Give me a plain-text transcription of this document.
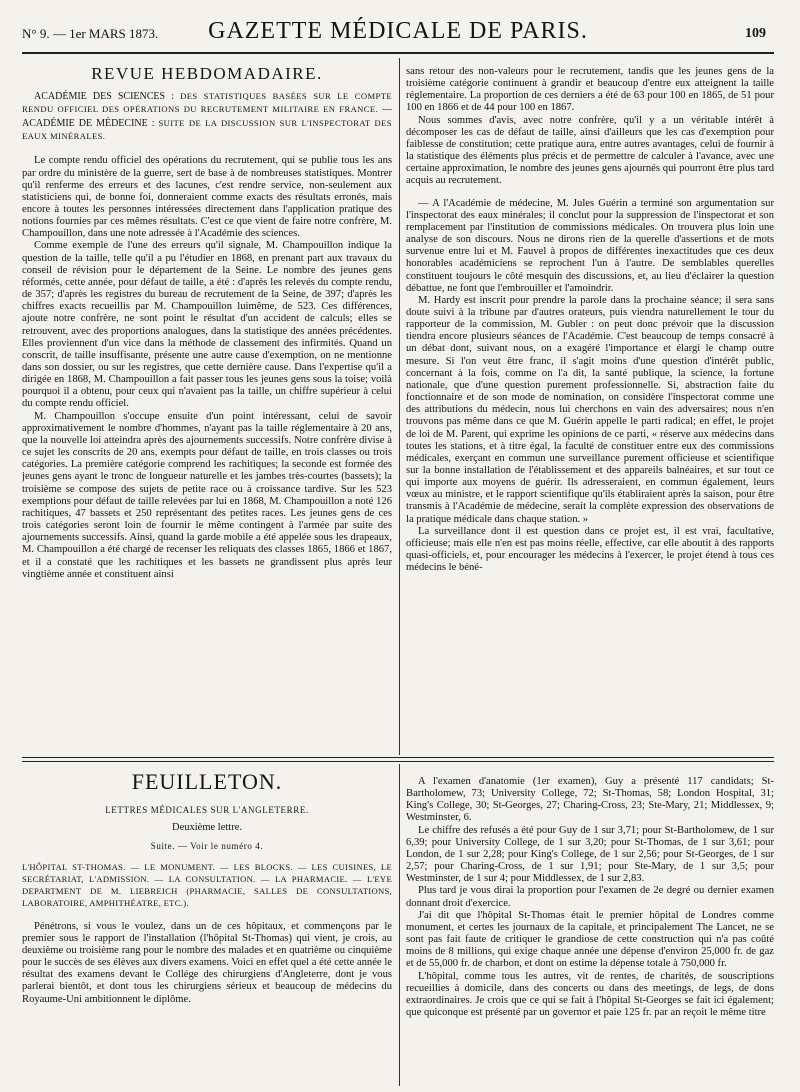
N° 9. — 1er MARS 1873.	GAZETTE MÉDICALE DE PARIS.	109
REVUE HEBDOMADAIRE.
ACADÉMIE DES SCIENCES : DES STATISTIQUES BASÉES SUR LE COMPTE RENDU OFFICIEL DES OPÉRATIONS DU RECRUTEMENT MILITAIRE EN FRANCE. — ACADÉMIE DE MÉDECINE : SUITE DE LA DISCUSSION SUR L'INSPECTORAT DES EAUX MINÉRALES.

Le compte rendu officiel des opérations du recrutement, qui se publie tous les ans par ordre du ministère de la guerre, sert de base à de nombreuses statistiques. Montrer qu'il renferme des erreurs et des lacunes, c'est rendre service, non-seulement aux statisticiens qui, de bonne foi, donneraient comme exacts des résultats erronés, mais encore à toutes les personnes intéressées directement dans l'application pratique des notions fournies par ces mêmes résultats. C'est ce que vient de faire notre confrère, M. Champouillon, dans une note adressée à l'Académie des sciences.

Comme exemple de l'une des erreurs qu'il signale, M. Champouillon indique la question de la taille, telle qu'il a pu l'étudier en 1868, en prenant part aux travaux du conseil de révision pour le département de la Seine. Le nombre des jeunes gens réformés, cette année, pour défaut de taille, a été : d'après les relevés du compte rendu, de 357; d'après les registres du bureau de recrutement de la Seine, de 397; d'après les chiffres exacts recueillis par M. Champouillon luimême, de 523. Ces différences, ajoute notre confrère, ne sont point le résultat d'un accident de calculs; elles se retrouvent, avec des proportions analogues, dans la statistique des années précédentes. Elles proviennent d'un vice dans la méthode de classement des infirmités. Quand un conscrit, de taille insuffisante, présente une autre cause d'exemption, on ne mentionne dans son dossier, ou sur les registres, que cette dernière cause. Dans l'expertise qu'il a dirigée en 1868, M. Champouillon a fait passer tous les jeunes gens sous la toise; voilà pourquoi il a obtenu, pour ceux qui n'avaient pas la taille, un chiffre supérieur à celui du compte rendu officiel.

M. Champouillon s'occupe ensuite d'un point intéressant, celui de savoir approximativement le nombre d'hommes, n'ayant pas la taille réglementaire à 20 ans, que la nouvelle loi atteindra après des ajournements successifs. Notre confrère divise à ce sujet les conscrits de 20 ans, exempts pour défaut de taille, en trois classes ou trois catégories. La première catégorie comprend les rachitiques; la seconde est formée des jeunes gens ayant le tronc de longueur naturelle et les jambes très-courtes (bassets); la troisième se compose des sujets de petite race ou à croissance tardive. Sur les 523 exemptions pour défaut de taille relevées par lui en 1868, M. Champouillon a noté 126 rachitiques, 47 bassets et 250 représentant des petites races. Les jeunes gens de ces trois catégories seront loin de fournir le même contingent à l'armée par suite des ajournements successifs. Ainsi, quand la garde mobile a été appelée sous les drapeaux, M. Champouillon a été chargé de recenser les reliquats des classes 1865, 1866 et 1867, et il a constaté que les rachitiques et les bassets ne grandissent plus après leur vingtième année et constituent ainsi

sans retour des non-valeurs pour le recrutement, tandis que les jeunes gens de la troisième catégorie continuent à grandir et beaucoup d'entre eux atteignent la taille réglementaire. La proportion de ces derniers a été de 63 pour 100 en 1865, de 51 pour 100 en 1866 et de 44 pour 100 en 1867.

Nous sommes d'avis, avec notre confrère, qu'il y a un véritable intérêt à décomposer les cas de défaut de taille, ainsi d'ailleurs que les cas d'exemption pour faiblesse de constitution; cette pratique aura, entre autres avantages, celui de fournir à la statistique des éléments plus précis et de permettre de calculer à l'avance, avec une certaine approximation, le nombre des jeunes gens ajournés qui pourront être plus tard acquis au recrutement.

— A l'Académie de médecine, M. Jules Guérin a terminé son argumentation sur l'inspectorat des eaux minérales; il conclut pour la suppression de l'inspectorat et son remplacement par l'institution de commissions médicales. On trouvera plus loin une analyse de son discours. Nous ne dirons rien de la querelle d'assertions et de mots survenue entre lui et M. Fauvel à propos de différentes inexactitudes que ces deux honorables académiciens se reprochent l'un à l'autre. De semblables querelles constituent toujours le côté mesquin des discussions, et, au lieu d'éclairer la question débattue, ne font que l'embrouiller et l'amoindrir.

M. Hardy est inscrit pour prendre la parole dans la prochaine séance; il sera sans doute suivi à la tribune par d'autres orateurs, puis viendra naturellement le tour du rapporteur de la commission, M. Gubler : on peut donc prévoir que la discussion tiendra encore plusieurs séances de l'Académie. C'est beaucoup de temps consacré à un débat dont, suivant nous, on a exagéré l'importance et élargi le champ outre mesure. Si l'on veut être franc, il s'agit moins d'une question d'intérêt public, concernant à la fois, comme on l'a dit, la santé publique, la science, la fortune nationale, que d'une question purement professionnelle. Si, abstraction faite du fonctionnaire et de son mode de nomination, on considère l'inspectorat comme une des attributions du médecin, nous lui cherchons en vain des adversaires; nous n'en trouvons pas même dans ce que M. Guérin appelle le parti radical; en effet, le projet de loi de M. Parent, qui exprime les opinions de ce parti, « réserve aux médecins dans toutes les stations, et à titre égal, la faculté de constituer entre eux des commissions médicales, exerçant en commun une surveillance purement officieuse et scientifique sur la bonne installation de l'établissement et des appareils balnéaires, et sur tout ce qui importe aux moyens de guérir. Ils adresseraient, en commun également, leurs vœux au ministre, et le rapport scientifique qu'ils établiraient après la saison, pour être transmis à l'Académie de médecine, serait la complète expression des observations de la pratique médicale dans chaque station. »

La surveillance dont il est question dans ce projet est, il est vrai, facultative, officieuse; mais elle n'en est pas moins réelle, effective, car elle aboutit à des rapports quasi-officiels, et, pour encourager les médecins à l'exercer, le projet étend à tous ces médecins le béné-

FEUILLETON.
LETTRES MÉDICALES SUR L'ANGLETERRE.
Deuxième lettre.
Suite. — Voir le numéro 4.
L'HÔPITAL ST-THOMAS. — LE MONUMENT. — LES BLOCKS. — LES CUISINES, LE SECRÉTARIAT, L'ADMISSION. — LA CONSULTATION. — LA PHARMACIE. — L'EYE DEPARTMENT DE M. LIEBREICH (PHARMACIE, SALLES DE CONSULTATIONS, LABORATOIRE, AMPHITHÉATRE, ETC.).

Pénétrons, si vous le voulez, dans un de ces hôpitaux, et commençons par le premier sous le rapport de l'installation (l'hôpital St-Thomas) qui vient, je crois, au deuxième ou troisième rang pour le nombre des malades et en quatrième ou cinquième pour le succès de ses élèves aux divers examens. Voici en effet quel a été cette année le résultat des examens devant le Collége des chirurgiens d'Angleterre, dont je vous parlerai bientôt, et dont tous les chirurgiens sérieux et beaucoup de médecins du Royaume-Uni ambitionnent le diplôme.

A l'examen d'anatomie (1er examen), Guy a présenté 117 candidats; St-Bartholomew, 73; University College, 72; St-Thomas, 58; London Hospital, 31; King's College, 30; St-Georges, 27; Charing-Cross, 23; Ste-Mary, 21; Middlessex, 9; Westminster, 6.

Le chiffre des refusés a été pour Guy de 1 sur 3,71; pour St-Bartholomew, de 1 sur 6,39; pour University College, de 1 sur 3,20; pour St-Thomas, de 1 sur 3,61; pour London, de 1 sur 2,28; pour King's College, de 1 sur 2,56; pour St-Georges, de 1 sur 2,57; pour Charing-Cross, de 1 sur 1,91; pour Ste-Mary, de 1 sur 3,5; pour Westminster, de 1 sur 4; pour Middlessex, de 1 sur 2,83.

Plus tard je vous dirai la proportion pour l'examen de 2e degré ou dernier examen donnant droit d'exercice.

J'ai dit que l'hôpital St-Thomas était le premier hôpital de Londres comme monument, et certes les journaux de la capitale, et principalement The Lancet, ne se sont pas fait faute de critiquer le grandiose de cette construction qui n'a pas coûté moins de 8 millions, qui exige chaque année une dépense d'environ 25,000 fr. de gaz et de 55,000 fr. de charbon, et dont on estime la dépense totale à 750,000 fr.

L'hôpital, comme tous les autres, vit de rentes, de charités, de souscriptions recueillies à domicile, dans des concerts ou dans des meetings, de legs, de dons extraordinaires. Je crois que ce qui se fait à l'hôpital St-Georges se fait ici également; que quiconque est présenté par un governor et paie 125 fr. par an reçoit le même titre
